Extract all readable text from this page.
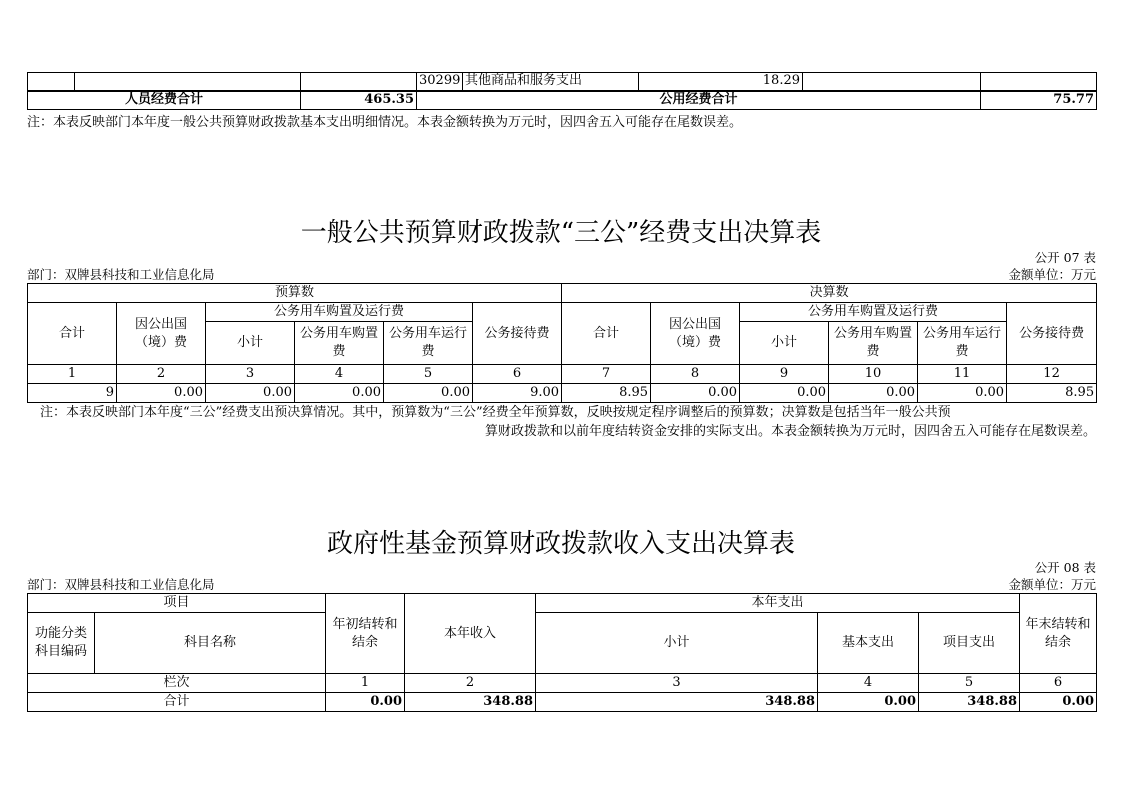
			30299	其他商品和服务支出	18.29		
人员经费合计		465.35	公用经费合计				75.77
注：本表反映部门本年度一般公共预算财政拨款基本支出明细情况。本表金额转换为万元时，因四舍五入可能存在尾数误差。
一般公共预算财政拨款“三公”经费支出决算表
公开 07 表
部门：双牌县科技和工业信息化局	金额单位：万元
预算数						决算数					
合计	因公出国（境）费	公务用车购置及运行费			公务接待费	合计	因公出国（境）费	公务用车购置及运行费			公务接待费
		小计	公务用车购置费	公务用车运行费				小计	公务用车购置费	公务用车运行费	
1	2	3	4	5	6	7	8	9	10	11	12
9	0.00	0.00	0.00	0.00	9.00	8.95	0.00	0.00	0.00	0.00	8.95
注：本表反映部门本年度“三公”经费支出预决算情况。其中，预算数为“三公”经费全年预算数，反映按规定程序调整后的预算数；决算数是包括当年一般公共预
算财政拨款和以前年度结转资金安排的实际支出。本表金额转换为万元时，因四舍五入可能存在尾数误差。
政府性基金预算财政拨款收入支出决算表
公开 08 表
部门：双牌县科技和工业信息化局	金额单位：万元
项目		年初结转和结余	本年收入	本年支出			年末结转和结余
功能分类科目编码	科目名称			小计	基本支出	项目支出	
栏次		1	2	3	4	5	6
合计		0.00	348.88	348.88	0.00	348.88	0.00
